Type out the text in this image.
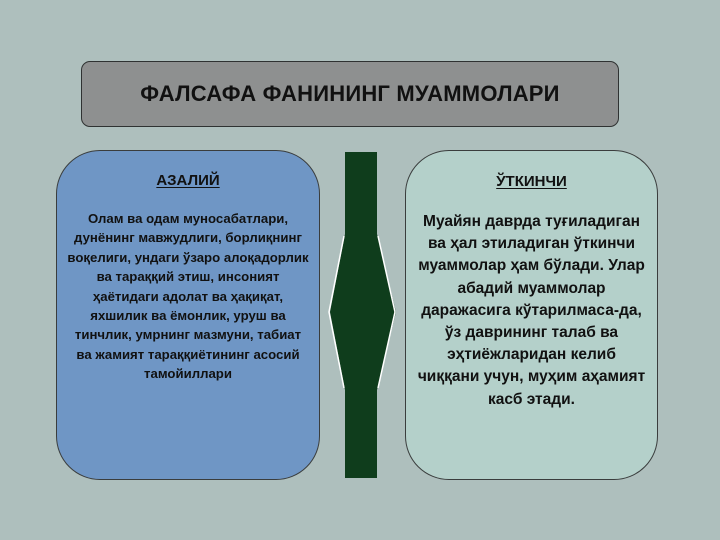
ФАЛСАФА ФАНИНИНГ МУАММОЛАРИ
АЗАЛИЙ
Олам ва одам муносабатлари, дунёнинг мавжудлиги, борлиқнинг воқелиги, ундаги ўзаро алоқадорлик ва тараққий этиш, инсоният ҳаётидаги адолат ва ҳақиқат, яхшилик ва ёмонлик, уруш ва тинчлик, умрнинг мазмуни, табиат ва жамият тараққиётининг асосий тамойиллари
ЎТКИНЧИ
Муайян даврда туғиладиган ва ҳал этиладиган ўткинчи муаммолар ҳам бўлади. Улар абадий муаммолар даражасига кўтарилмаса-да, ўз даврининг талаб ва эҳтиёжларидан келиб чиққани учун, муҳим аҳамият касб этади.
